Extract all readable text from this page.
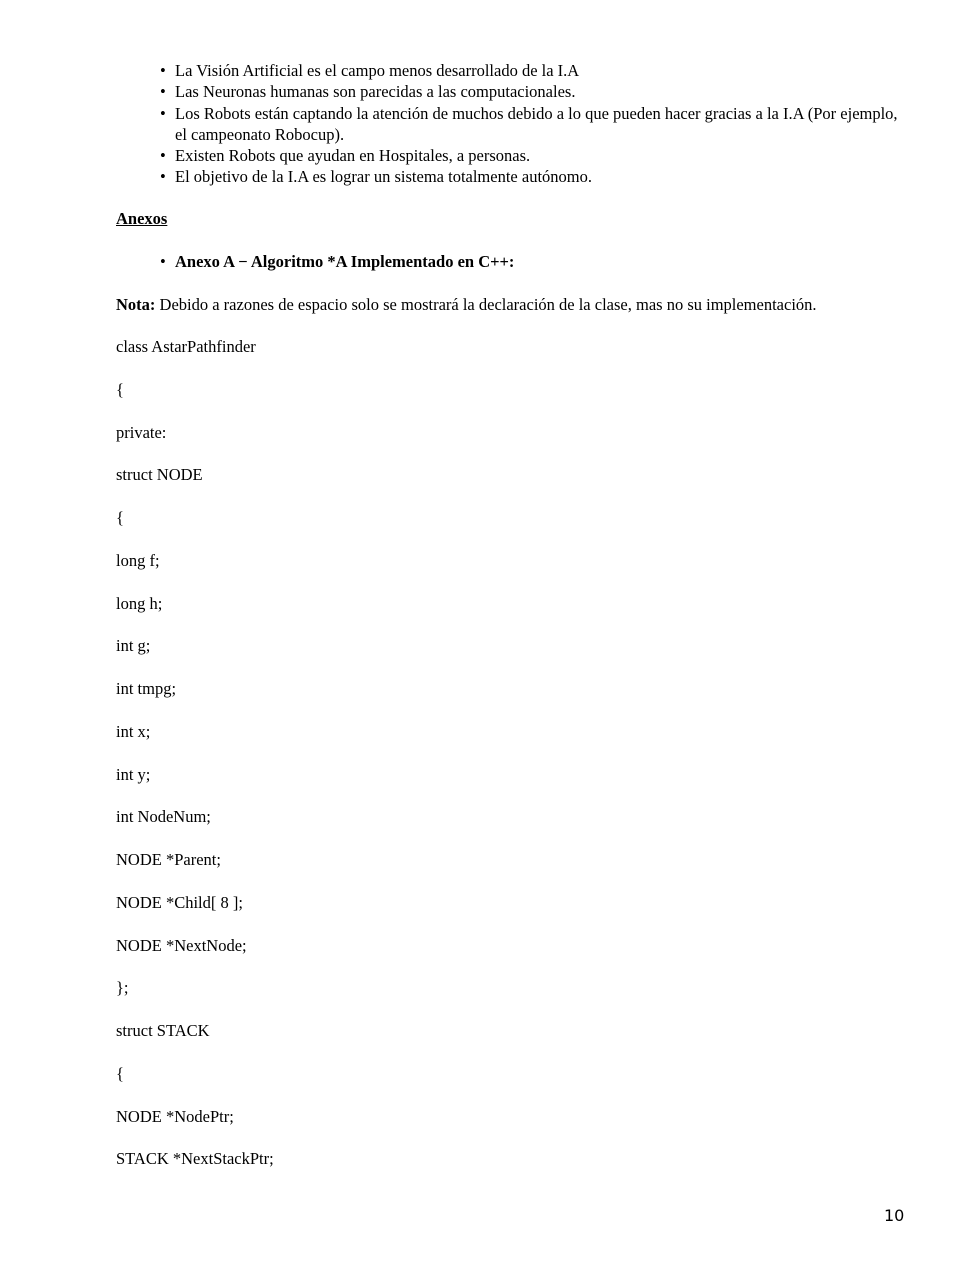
• La Visión Artificial es el campo menos desarrollado de la I.A
• Las Neuronas humanas son parecidas a las computacionales.
• Los Robots están captando la atención de muchos debido a lo que pueden hacer gracias a la I.A (Por ejemplo, el campeonato Robocup).
• Existen Robots que ayudan en Hospitales, a personas.
• El objetivo de la I.A es lograr un sistema totalmente autónomo.
Anexos
• Anexo A − Algoritmo *A Implementado en C++:
Nota: Debido a razones de espacio solo se mostrará la declaración de la clase, mas no su implementación.
class AstarPathfinder
{
private:
struct NODE
{
long f;
long h;
int g;
int tmpg;
int x;
int y;
int NodeNum;
NODE *Parent;
NODE *Child[ 8 ];
NODE *NextNode;
};
struct STACK
{
NODE *NodePtr;
STACK *NextStackPtr;
10
